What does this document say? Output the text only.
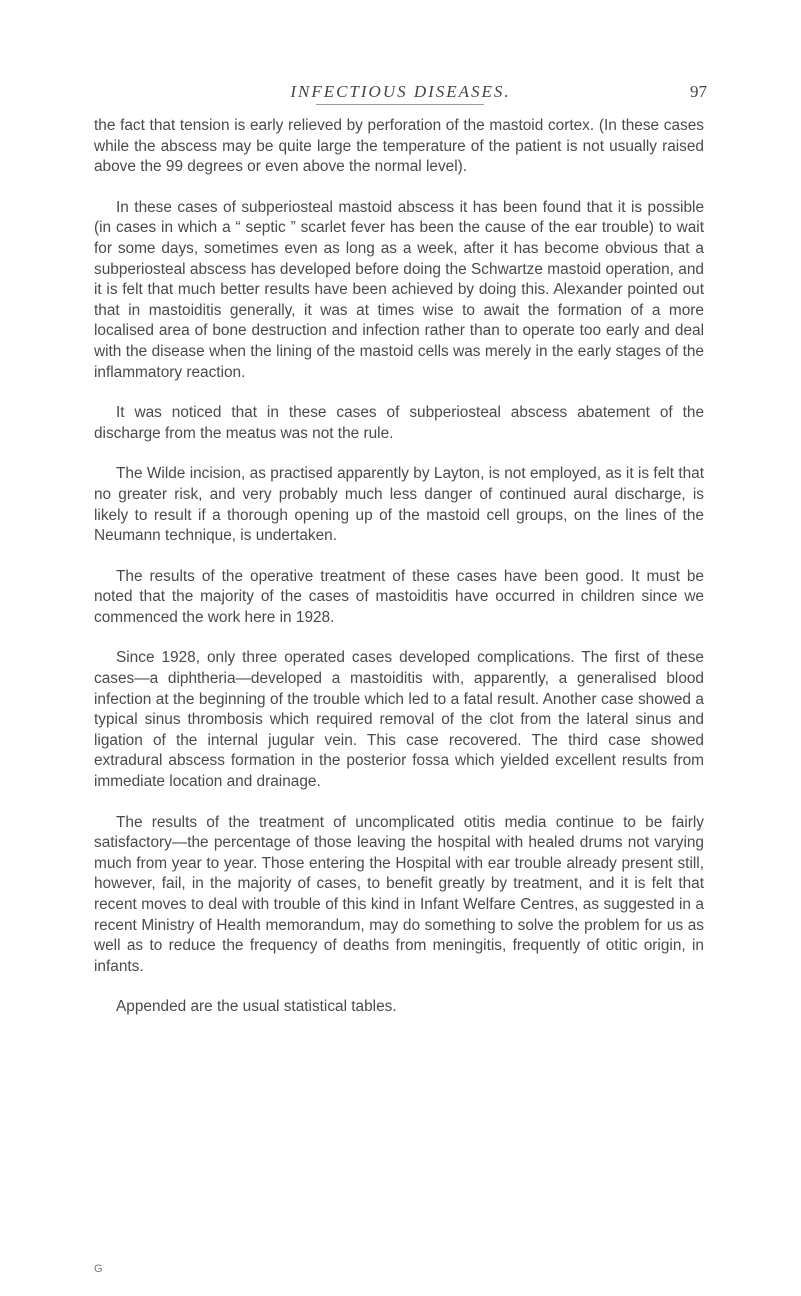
INFECTIOUS DISEASES.	97

the fact that tension is early relieved by perforation of the mastoid cortex. (In these cases while the abscess may be quite large the temperature of the patient is not usually raised above the 99 degrees or even above the normal level).

In these cases of subperiosteal mastoid abscess it has been found that it is possible (in cases in which a “ septic ” scarlet fever has been the cause of the ear trouble) to wait for some days, sometimes even as long as a week, after it has become obvious that a subperiosteal abscess has developed before doing the Schwartze mastoid operation, and it is felt that much better results have been achieved by doing this. Alexander pointed out that in mastoiditis generally, it was at times wise to await the formation of a more localised area of bone destruction and infection rather than to operate too early and deal with the disease when the lining of the mastoid cells was merely in the early stages of the inflammatory reaction.

It was noticed that in these cases of subperiosteal abscess abatement of the discharge from the meatus was not the rule.

The Wilde incision, as practised apparently by Layton, is not employed, as it is felt that no greater risk, and very probably much less danger of continued aural discharge, is likely to result if a thorough opening up of the mastoid cell groups, on the lines of the Neumann technique, is undertaken.

The results of the operative treatment of these cases have been good. It must be noted that the majority of the cases of mastoiditis have occurred in children since we commenced the work here in 1928.

Since 1928, only three operated cases developed complications. The first of these cases—a diphtheria—developed a mastoiditis with, apparently, a generalised blood infection at the beginning of the trouble which led to a fatal result. Another case showed a typical sinus thrombosis which required removal of the clot from the lateral sinus and ligation of the internal jugular vein. This case recovered. The third case showed extradural abscess formation in the posterior fossa which yielded excellent results from immediate location and drainage.

The results of the treatment of uncomplicated otitis media continue to be fairly satisfactory—the percentage of those leaving the hospital with healed drums not varying much from year to year. Those entering the Hospital with ear trouble already present still, however, fail, in the majority of cases, to benefit greatly by treatment, and it is felt that recent moves to deal with trouble of this kind in Infant Welfare Centres, as suggested in a recent Ministry of Health memorandum, may do something to solve the problem for us as well as to reduce the frequency of deaths from meningitis, frequently of otitic origin, in infants.

Appended are the usual statistical tables.

G
